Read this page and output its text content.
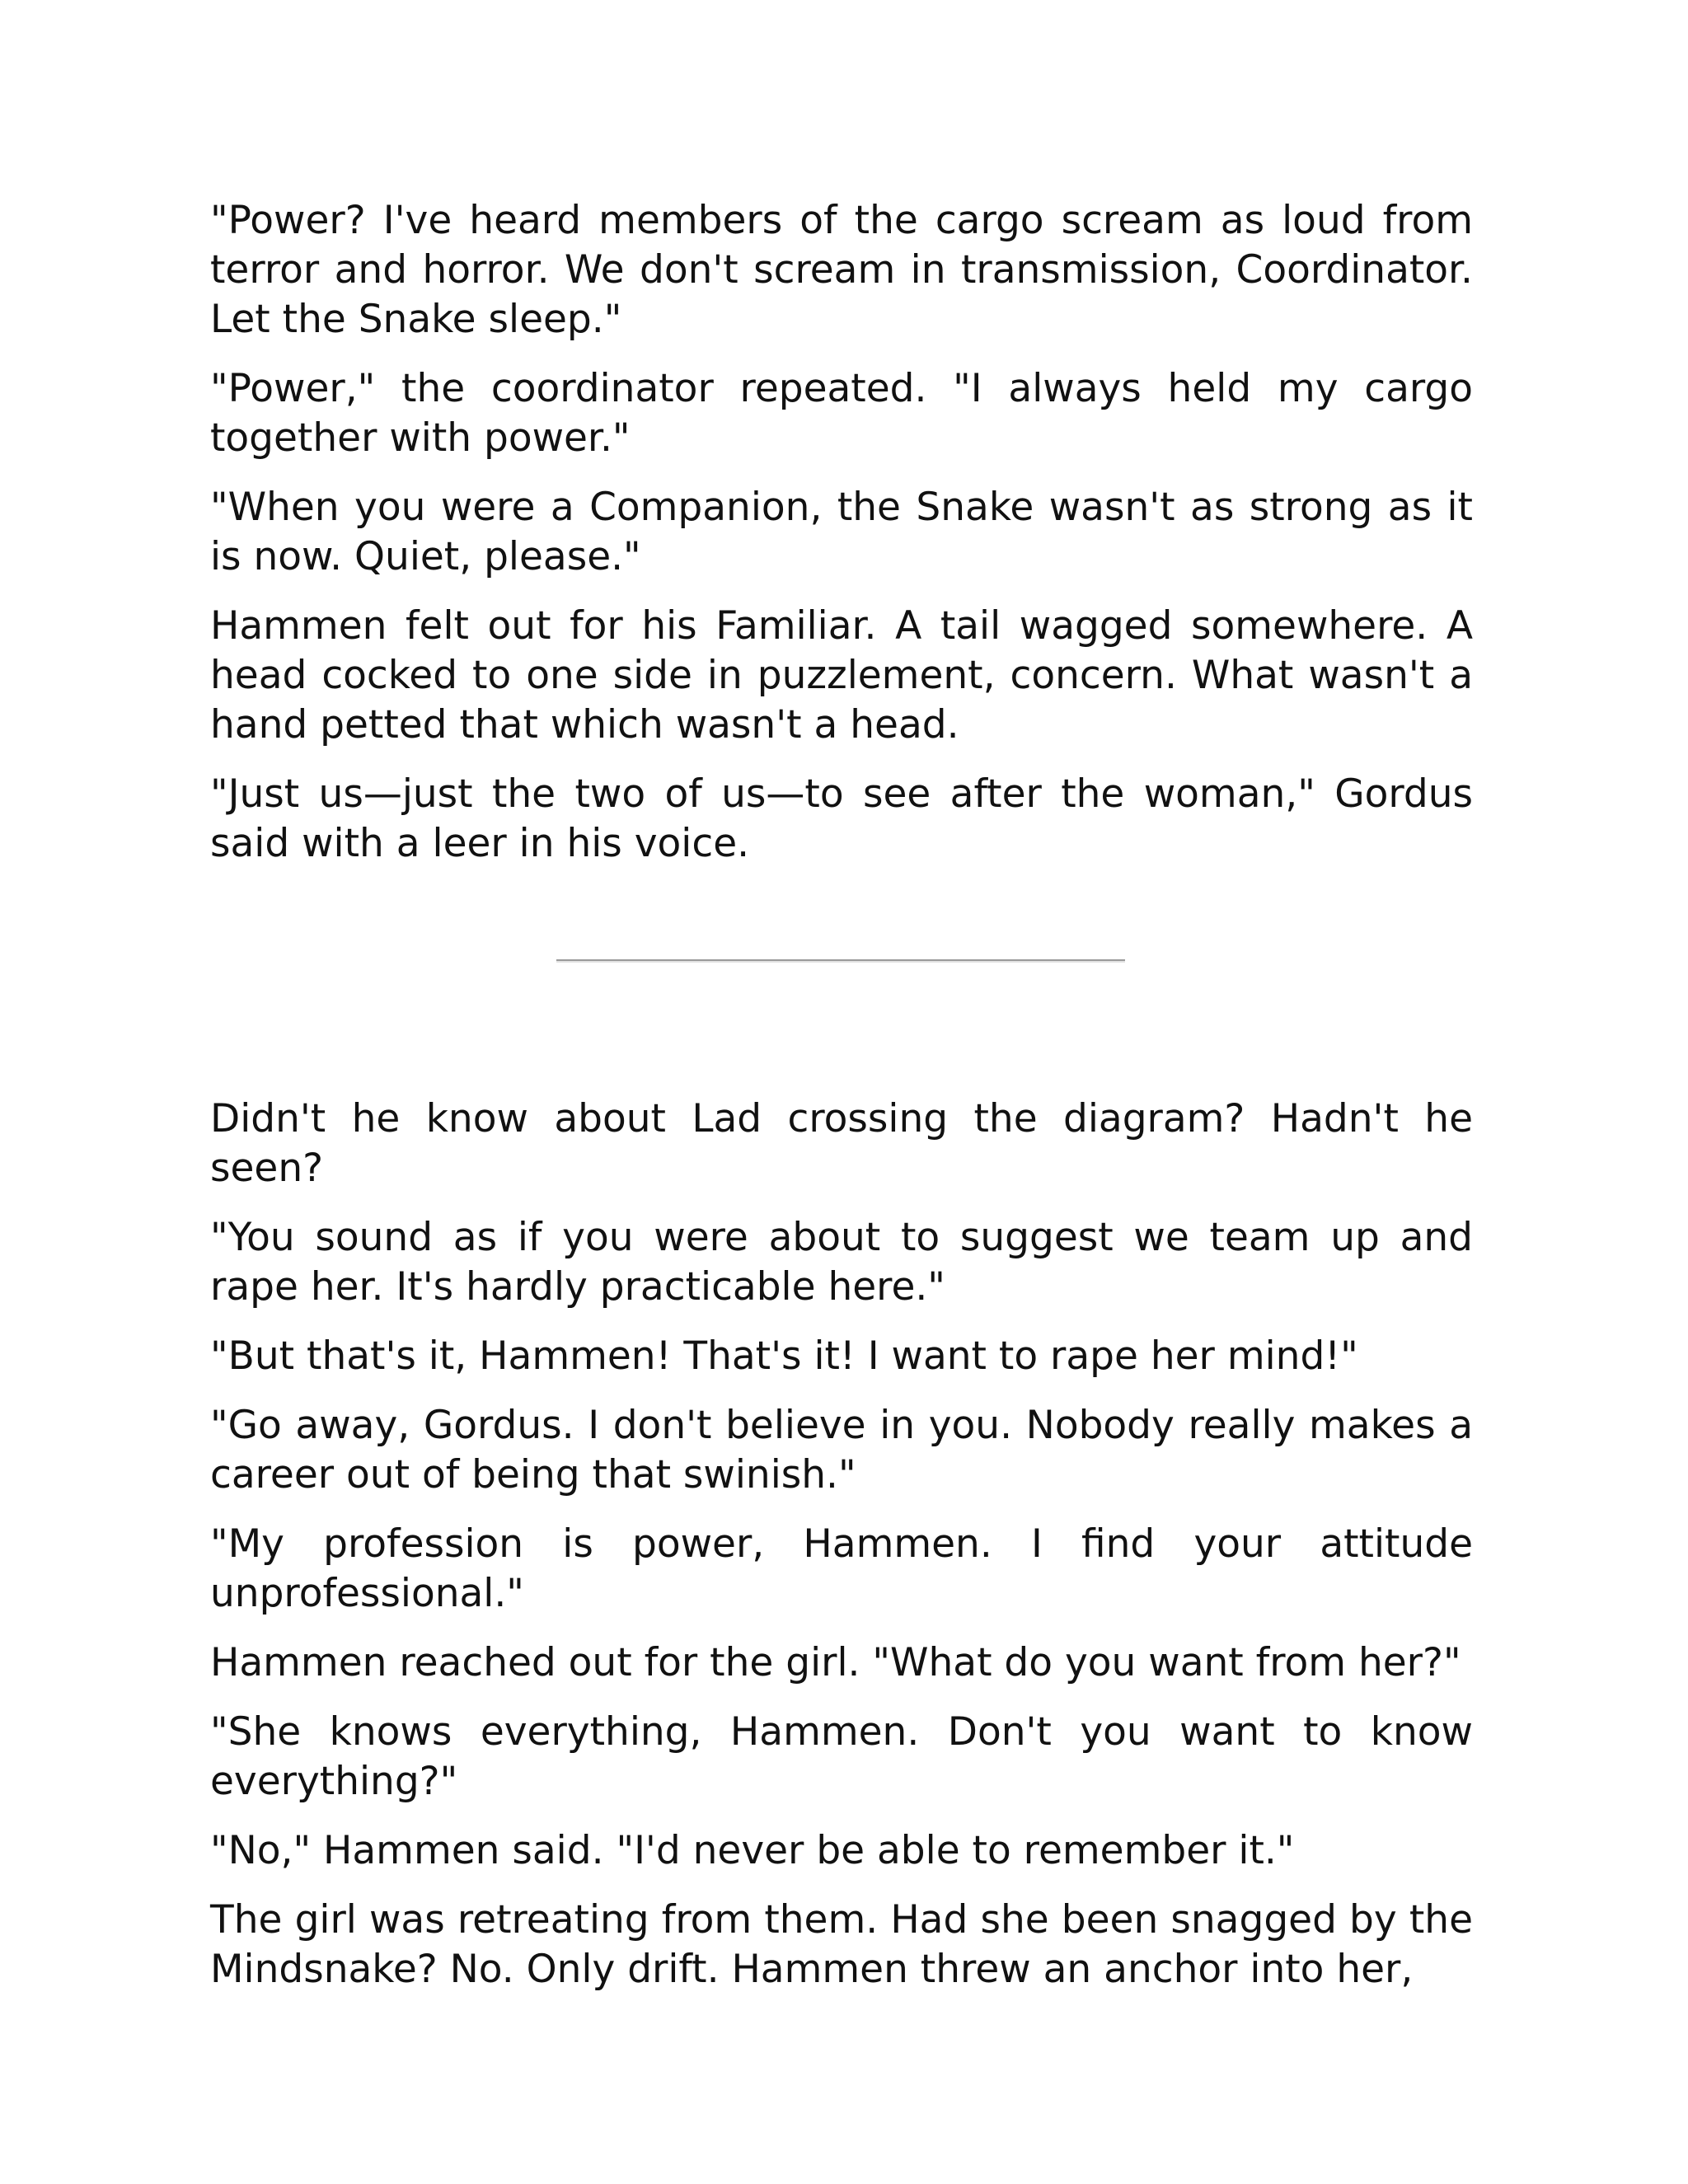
"Power? I've heard members of the cargo scream as loud from terror and horror. We don't scream in transmission, Coordinator. Let the Snake sleep."

"Power," the coordinator repeated. "I always held my cargo together with power."

"When you were a Companion, the Snake wasn't as strong as it is now. Quiet, please."

Hammen felt out for his Familiar. A tail wagged somewhere. A head cocked to one side in puzzlement, concern. What wasn't a hand petted that which wasn't a head.

"Just us—just the two of us—to see after the woman," Gordus said with a leer in his voice.

Didn't he know about Lad crossing the diagram? Hadn't he seen?

"You sound as if you were about to suggest we team up and rape her. It's hardly practicable here."

"But that's it, Hammen! That's it! I want to rape her mind!"

"Go away, Gordus. I don't believe in you. Nobody really makes a career out of being that swinish."

"My profession is power, Hammen. I find your attitude unprofessional."

Hammen reached out for the girl. "What do you want from her?"

"She knows everything, Hammen. Don't you want to know everything?"

"No," Hammen said. "I'd never be able to remember it."

The girl was retreating from them. Had she been snagged by the Mindsnake? No. Only drift. Hammen threw an anchor into her,
